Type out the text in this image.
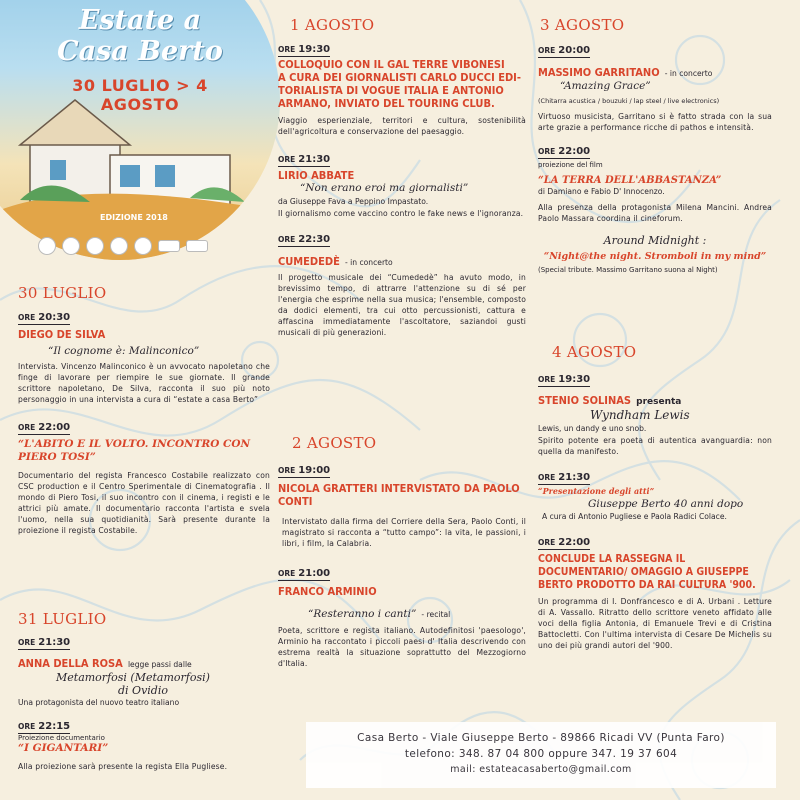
Estate a
Casa Berto
30 LUGLIO > 4 AGOSTO
EDIZIONE 2018
30 LUGLIO
ORE 20:30
DIEGO DE SILVA
“Il cognome è: Malinconico”
Intervista. Vincenzo Malinconico è un avvocato napoletano che finge di lavorare per riempire le sue giornate. Il grande scrittore napoletano, De Silva, racconta il suo più noto personaggio in una intervista a cura di “estate a casa Berto”
ORE 22:00
“L'ABITO E IL VOLTO. INCONTRO CON PIERO TOSI”
Documentario del regista Francesco Costabile realizzato con CSC production e il Centro Sperimentale di Cinematografia . Il mondo di Piero Tosi, il suo incontro con il cinema, i registi e le attrici più amate. Il documentario racconta l'artista e svela l'uomo, nella sua quotidianità. Sarà presente durante la proiezione il regista Costabile.
31 LUGLIO
ORE 21:30
ANNA DELLA ROSA legge passi dalle
Metamorfosi (Metamorfosi)
di Ovidio
Una protagonista del nuovo teatro italiano
ORE 22:15
Proiezione documentario
“I GIGANTARI”
Alla proiezione sarà presente la regista Ella Pugliese.
1 AGOSTO
ORE 19:30
COLLOQUIO CON IL GAL TERRE VIBONESI
A CURA DEI GIORNALISTI CARLO DUCCI EDI-
TORIALISTA DI VOGUE ITALIA E ANTONIO
ARMANO, INVIATO DEL TOURING CLUB.
Viaggio esperienziale, territori e cultura, sostenibilità dell'agricoltura e conservazione del paesaggio.
ORE 21:30
LIRIO ABBATE
“Non erano eroi ma giornalisti”
da Giuseppe Fava a Peppino Impastato.
Il giornalismo come vaccino contro le fake news e l'ignoranza.
ORE 22:30
CUMEDEDÈ - in concerto
Il progetto musicale dei “Cumededè” ha avuto modo, in brevissimo tempo, di attrarre l'attenzione su di sé per l'energia che esprime nella sua musica; l'ensemble, composto da dodici elementi, tra cui otto percussionisti, cattura e affascina immediatamente l'ascoltatore, saziandoi gusti musicali di più generazioni.
2 AGOSTO
ORE 19:00
NICOLA GRATTERI INTERVISTATO DA PAOLO CONTI
Intervistato dalla firma del Corriere della Sera, Paolo Conti, il magistrato si racconta a “tutto campo”: la vita, le passioni, i libri, i film, la Calabria.
ORE 21:00
FRANCO ARMINIO
“Resteranno i canti” - recital
Poeta, scrittore e regista italiano. Autodefinitosi 'paesologo', Arminio ha raccontato i piccoli paesi d' Italia descrivendo con estrema realtà la situazione soprattutto del Mezzogiorno d'Italia.
3 AGOSTO
ORE 20:00
MASSIMO GARRITANO - in concerto
“Amazing Grace”
(Chitarra acustica / bouzuki / lap steel / live electronics)
Virtuoso musicista, Garritano si è fatto strada con la sua arte grazie a performance ricche di pathos e intensità.
ORE 22:00
proiezione del film
“LA TERRA DELL'ABBASTANZA”
di Damiano e Fabio D' Innocenzo.
Alla presenza della protagonista Milena Mancini. Andrea Paolo Massara coordina il cineforum.
Around Midnight :
“Night@the night. Stromboli in my mind”
(Special tribute. Massimo Garritano suona al Night)
4 AGOSTO
ORE 19:30
STENIO SOLINAS presenta
Wyndham Lewis
Lewis, un dandy e uno snob.
Spirito potente era poeta di autentica avanguardia: non quella da manifesto.
ORE 21:30
“Presentazione degli atti”
Giuseppe Berto 40 anni dopo
A cura di Antonio Pugliese e Paola Radici Colace.
ORE 22:00
CONCLUDE LA RASSEGNA IL DOCUMENTARIO/ OMAGGIO A GIUSEPPE BERTO PRODOTTO DA RAI CULTURA '900.
Un programma di I. Donfrancesco e di A. Urbani . Letture di A. Vassallo. Ritratto dello scrittore veneto affidato alle voci della figlia Antonia, di Emanuele Trevi e di Cristina Battocletti. Con l'ultima intervista di Cesare De Michelis su uno dei più grandi autori del '900.
Casa Berto - Viale Giuseppe Berto - 89866 Ricadi VV (Punta Faro)
telefono: 348. 87 04 800 oppure 347. 19 37 604
mail: estateacasaberto@gmail.com
